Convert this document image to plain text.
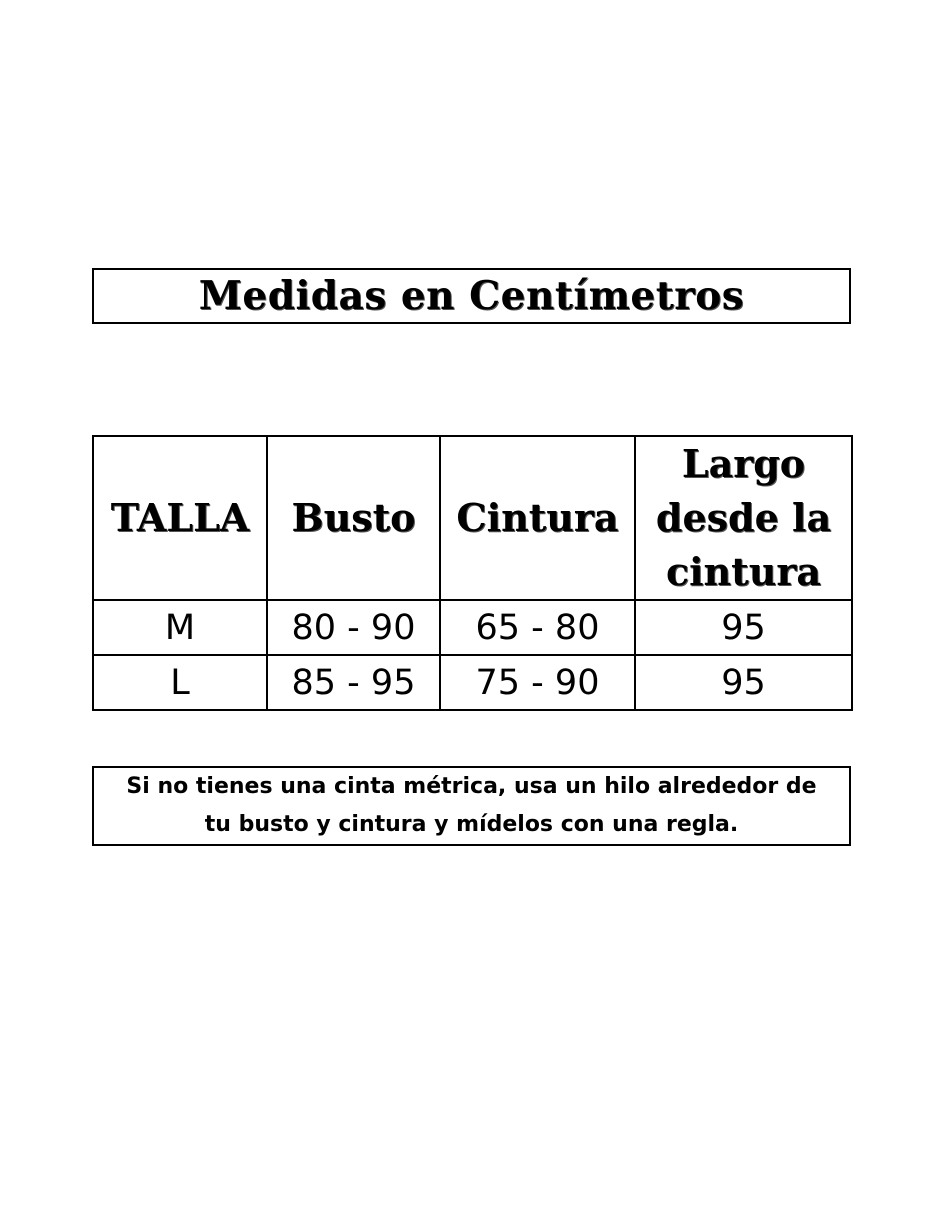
Medidas en Centímetros
TALLA	Busto	Cintura	Largo desde la cintura
M	80 - 90	65 - 80	95
L	85 - 95	75 - 90	95
Si no tienes una cinta métrica, usa un hilo alrededor de tu busto y cintura y mídelos con una regla.
